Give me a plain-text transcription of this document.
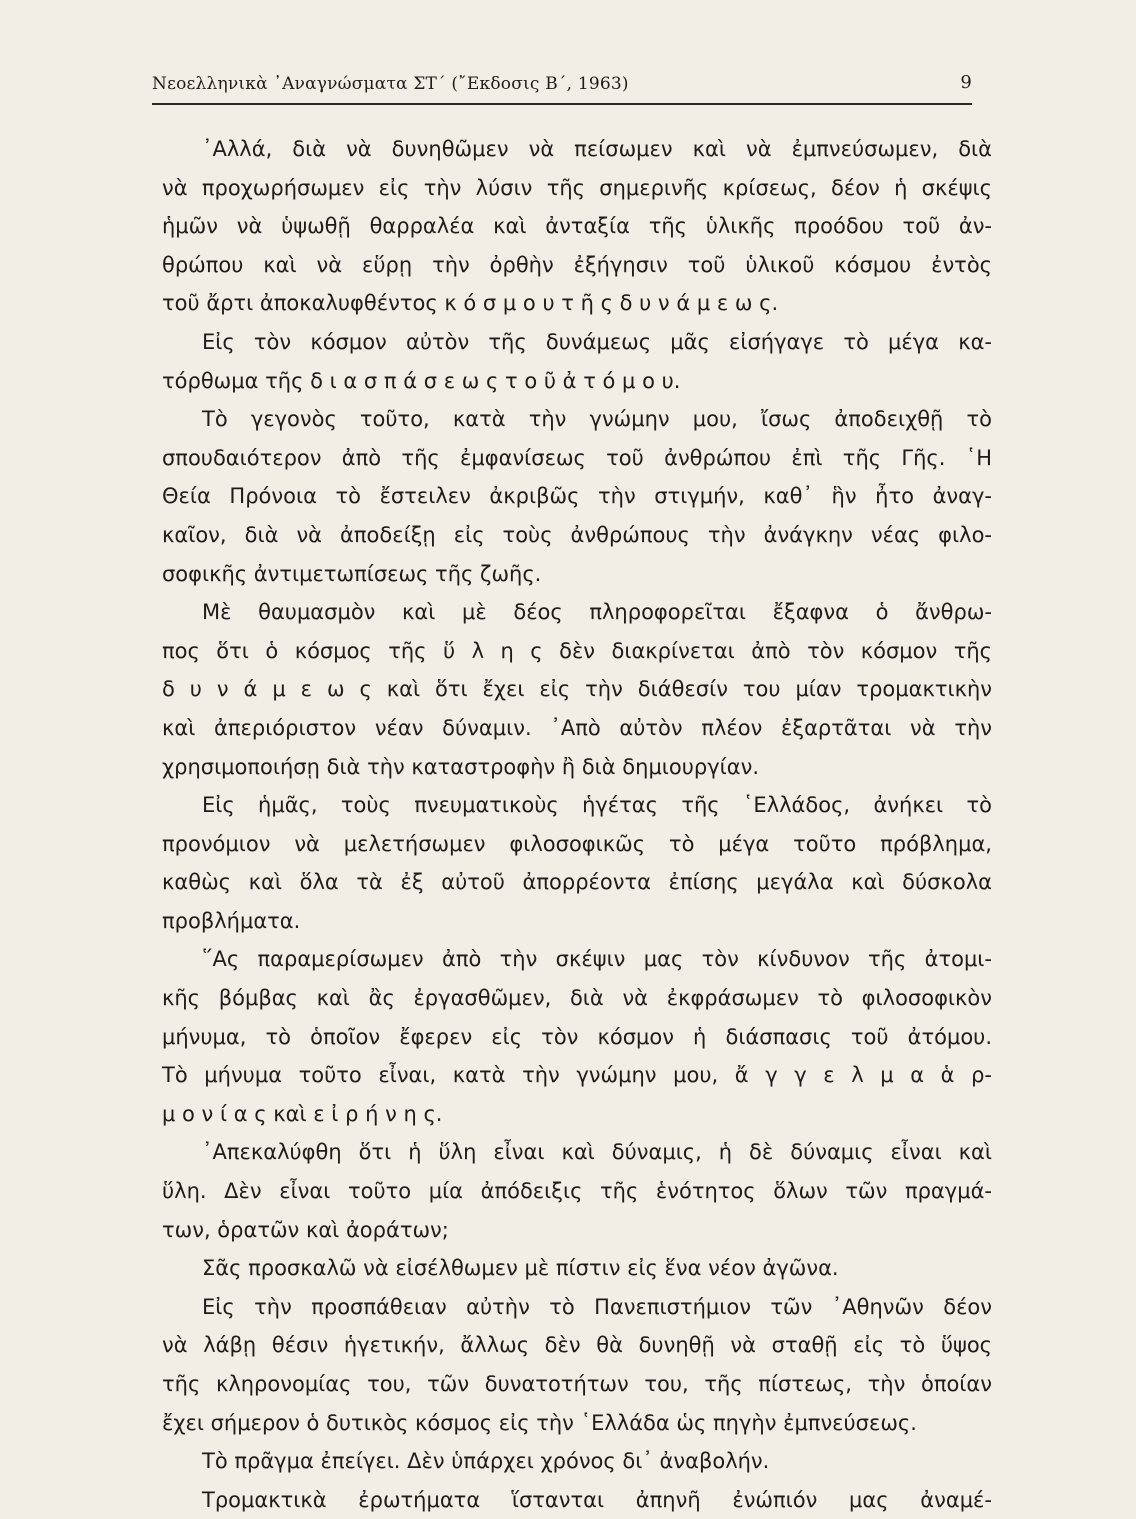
Νεοελληνικὰ ᾿Αναγνώσματα ΣΤ΄ (῎Εκδοσις Β΄, 1963)	9
᾿Αλλά, διὰ νὰ δυνηθῶμεν νὰ πείσωμεν καὶ νὰ ἐμπνεύσωμεν, διὰ
νὰ προχωρήσωμεν εἰς τὴν λύσιν τῆς σημερινῆς κρίσεως, δέον ἡ σκέψις
ἡμῶν νὰ ὑψωθῇ θαρραλέα καὶ ἀνταξία τῆς ὑλικῆς προόδου τοῦ ἀν-
θρώπου καὶ νὰ εὕρῃ τὴν ὀρθὴν ἐξήγησιν τοῦ ὑλικοῦ κόσμου ἐντὸς
τοῦ ἄρτι ἀποκαλυφθέντος κ ό σ μ ο υ τ ῆ ς δ υ ν ά μ ε ω ς.
Εἰς τὸν κόσμον αὐτὸν τῆς δυνάμεως μᾶς εἰσήγαγε τὸ μέγα κα-
τόρθωμα τῆς δ ι α σ π ά σ ε ω ς τ ο ῦ ἀ τ ό μ ο υ.
Τὸ γεγονὸς τοῦτο, κατὰ τὴν γνώμην μου, ἴσως ἀποδειχθῇ τὸ
σπουδαιότερον ἀπὸ τῆς ἐμφανίσεως τοῦ ἀνθρώπου ἐπὶ τῆς Γῆς. ῾Η
Θεία Πρόνοια τὸ ἔστειλεν ἀκριβῶς τὴν στιγμήν, καθ᾿ ἣν ἦτο ἀναγ-
καῖον, διὰ νὰ ἀποδείξῃ εἰς τοὺς ἀνθρώπους τὴν ἀνάγκην νέας φιλο-
σοφικῆς ἀντιμετωπίσεως τῆς ζωῆς.
Μὲ θαυμασμὸν καὶ μὲ δέος πληροφορεῖται ἔξαφνα ὁ ἄνθρω-
πος ὅτι ὁ κόσμος τῆς ὕ λ η ς δὲν διακρίνεται ἀπὸ τὸν κόσμον τῆς
δ υ ν ά μ ε ω ς καὶ ὅτι ἔχει εἰς τὴν διάθεσίν του μίαν τρομακτικὴν
καὶ ἀπεριόριστον νέαν δύναμιν. ᾿Απὸ αὐτὸν πλέον ἐξαρτᾶται νὰ τὴν
χρησιμοποιήσῃ διὰ τὴν καταστροφὴν ἢ διὰ δημιουργίαν.
Εἰς ἡμᾶς, τοὺς πνευματικοὺς ἡγέτας τῆς ῾Ελλάδος, ἀνήκει τὸ
προνόμιον νὰ μελετήσωμεν φιλοσοφικῶς τὸ μέγα τοῦτο πρόβλημα,
καθὼς καὶ ὅλα τὰ ἐξ αὐτοῦ ἀπορρέοντα ἐπίσης μεγάλα καὶ δύσκολα
προβλήματα.
῞Ας παραμερίσωμεν ἀπὸ τὴν σκέψιν μας τὸν κίνδυνον τῆς ἀτομι-
κῆς βόμβας καὶ ἂς ἐργασθῶμεν, διὰ νὰ ἐκφράσωμεν τὸ φιλοσοφικὸν
μήνυμα, τὸ ὁποῖον ἔφερεν εἰς τὸν κόσμον ἡ διάσπασις τοῦ ἀτόμου.
Τὸ μήνυμα τοῦτο εἶναι, κατὰ τὴν γνώμην μου, ἄ γ γ ε λ μ α ἁ ρ-
μ ο ν ί α ς καὶ ε ἰ ρ ή ν η ς.
᾿Απεκαλύφθη ὅτι ἡ ὕλη εἶναι καὶ δύναμις, ἡ δὲ δύναμις εἶναι καὶ
ὕλη. Δὲν εἶναι τοῦτο μία ἀπόδειξις τῆς ἑνότητος ὅλων τῶν πραγμά-
των, ὁρατῶν καὶ ἀοράτων;
Σᾶς προσκαλῶ νὰ εἰσέλθωμεν μὲ πίστιν εἰς ἕνα νέον ἀγῶνα.
Εἰς τὴν προσπάθειαν αὐτὴν τὸ Πανεπιστήμιον τῶν ᾿Αθηνῶν δέον
νὰ λάβῃ θέσιν ἡγετικήν, ἄλλως δὲν θὰ δυνηθῇ νὰ σταθῇ εἰς τὸ ὕψος
τῆς κληρονομίας του, τῶν δυνατοτήτων του, τῆς πίστεως, τὴν ὁποίαν
ἔχει σήμερον ὁ δυτικὸς κόσμος εἰς τὴν ῾Ελλάδα ὡς πηγὴν ἐμπνεύσεως.
Τὸ πρᾶγμα ἐπείγει. Δὲν ὑπάρχει χρόνος δι᾿ ἀναβολήν.
Τρομακτικὰ ἐρωτήματα ἵστανται ἀπηνῆ ἐνώπιόν μας ἀναμέ-
